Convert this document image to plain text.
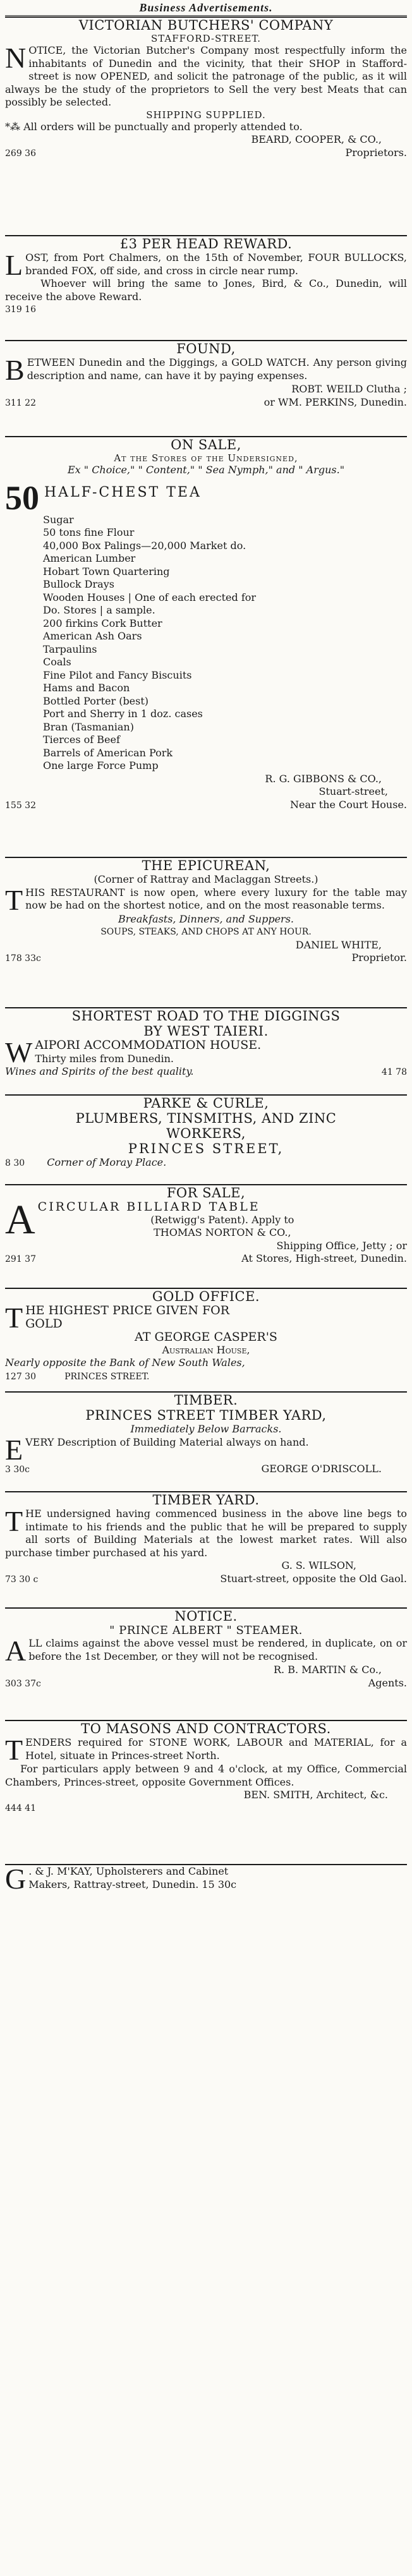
Business Advertisements.
VICTORIAN BUTCHERS' COMPANY
STAFFORD-STREET.
N OTICE, the Victorian Butcher's Company most respectfully inform the inhabitants of Dunedin and the vicinity, that their SHOP in Stafford-street is now OPENED, and solicit the patronage of the public, as it will always be the study of the proprietors to Sell the very best Meats that can possibly be selected.
SHIPPING SUPPLIED.
*⁂ All orders will be punctually and properly attended to.
BEARD, COOPER, & CO.,
269 36	Proprietors.
£3 PER HEAD REWARD.
L OST, from Port Chalmers, on the 15th of November, FOUR BULLOCKS, branded FOX, off side, and cross in circle near rump.
Whoever will bring the same to Jones, Bird, & Co., Dunedin, will receive the above Reward.
319 16
FOUND,
B ETWEEN Dunedin and the Diggings, a GOLD WATCH. Any person giving description and name, can have it by paying expenses.
ROBT. WEILD Clutha ;
311 22	or WM. PERKINS, Dunedin.
ON SALE,
At the Stores of the Undersigned,
Ex " Choice," " Content," " Sea Nymph," and " Argus."
50 HALF-CHEST TEA
Sugar
50 tons fine Flour
40,000 Box Palings—20,000 Market do.
American Lumber
Hobart Town Quartering
Bullock Drays
Wooden Houses | One of each erected for
Do. Stores | a sample.
200 firkins Cork Butter
American Ash Oars
Tarpaulins
Coals
Fine Pilot and Fancy Biscuits
Hams and Bacon
Bottled Porter (best)
Port and Sherry in 1 doz. cases
Bran (Tasmanian)
Tierces of Beef
Barrels of American Pork
One large Force Pump
R. G. GIBBONS & CO.,
Stuart-street,
155 32	Near the Court House.
THE EPICUREAN,
(Corner of Rattray and Maclaggan Streets.)
T HIS RESTAURANT is now open, where every luxury for the table may now be had on the shortest notice, and on the most reasonable terms.
Breakfasts, Dinners, and Suppers.
SOUPS, STEAKS, AND CHOPS AT ANY HOUR.
DANIEL WHITE,
178 33c	Proprietor.
SHORTEST ROAD TO THE DIGGINGS
BY WEST TAIERI.
W AIPORI ACCOMMODATION HOUSE.
Thirty miles from Dunedin.
Wines and Spirits of the best quality.	41 78
PARKE & CURLE,
PLUMBERS, TINSMITHS, AND ZINC
WORKERS,
PRINCES STREET,
8 30 Corner of Moray Place.
FOR SALE,
A CIRCULAR BILLIARD TABLE
(Retwigg's Patent). Apply to
THOMAS NORTON & CO.,
Shipping Office, Jetty ; or
291 37	At Stores, High-street, Dunedin.
GOLD OFFICE.
T HE HIGHEST PRICE GIVEN FOR
GOLD
AT GEORGE CASPER'S
Australian House,
Nearly opposite the Bank of New South Wales,
127 30	PRINCES STREET.
TIMBER.
PRINCES STREET TIMBER YARD,
Immediately Below Barracks.
E VERY Description of Building Material always on hand.
3 30c	GEORGE O'DRISCOLL.
TIMBER YARD.
T HE undersigned having commenced business in the above line begs to intimate to his friends and the public that he will be prepared to supply all sorts of Building Materials at the lowest market rates. Will also purchase timber purchased at his yard.
G. S. WILSON,
73 30 c	Stuart-street, opposite the Old Gaol.
NOTICE.
" PRINCE ALBERT " STEAMER.
A LL claims against the above vessel must be rendered, in duplicate, on or before the 1st December, or they will not be recognised.
R. B. MARTIN & Co.,
303 37c	Agents.
TO MASONS AND CONTRACTORS.
T ENDERS required for STONE WORK, LABOUR and MATERIAL, for a Hotel, situate in Princes-street North.
For particulars apply between 9 and 4 o'clock, at my Office, Commercial Chambers, Princes-street, opposite Government Offices.
BEN. SMITH, Architect, &c.
444 41
G . & J. M'KAY, Upholsterers and Cabinet
Makers, Rattray-street, Dunedin. 15 30c
